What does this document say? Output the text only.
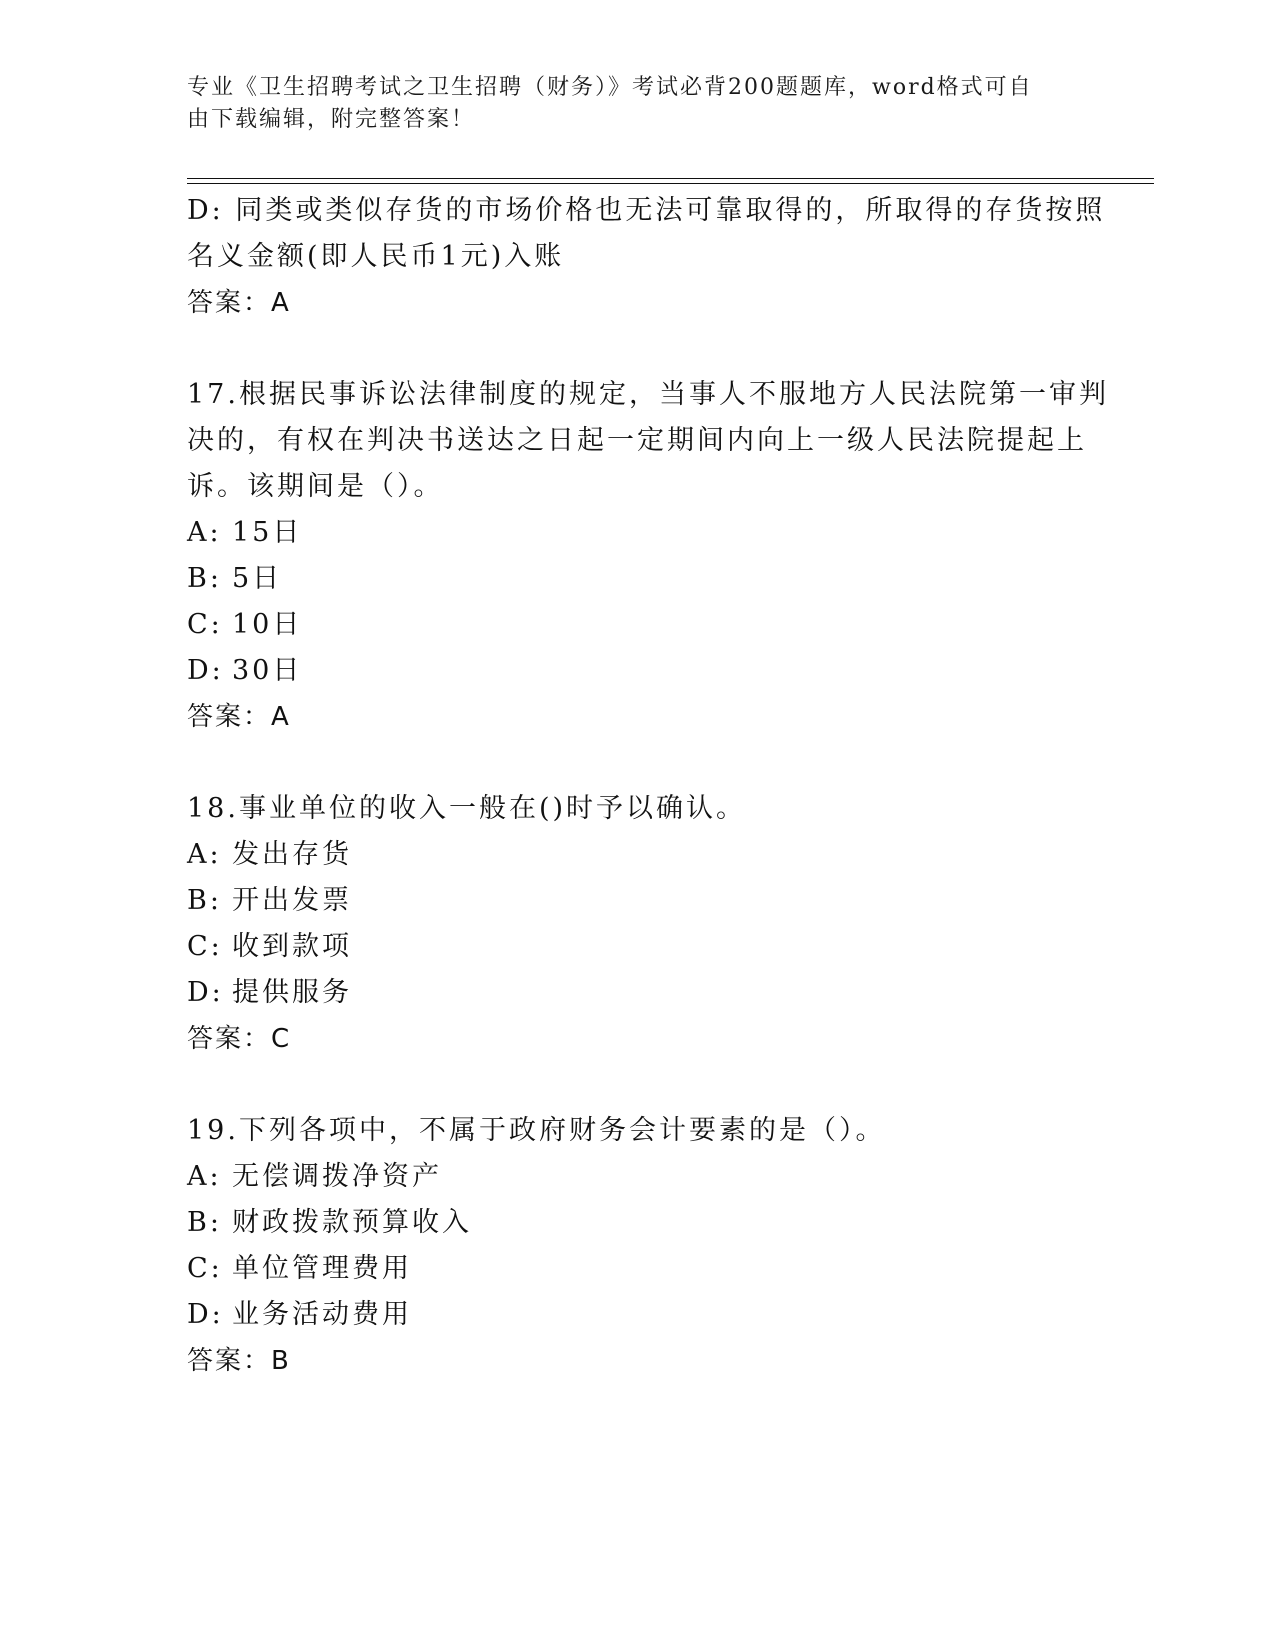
专业《卫生招聘考试之卫生招聘（财务）》考试必背200题题库，word格式可自
由下载编辑，附完整答案！
D: 同类或类似存货的市场价格也无法可靠取得的，所取得的存货按照
名义金额(即人民币1元)入账
答案：A
17.根据民事诉讼法律制度的规定，当事人不服地方人民法院第一审判
决的，有权在判决书送达之日起一定期间内向上一级人民法院提起上
诉。该期间是（）。
A: 15日
B: 5日
C: 10日
D: 30日
答案：A
18.事业单位的收入一般在()时予以确认。
A: 发出存货
B: 开出发票
C: 收到款项
D: 提供服务
答案：C
19.下列各项中，不属于政府财务会计要素的是（）。
A: 无偿调拨净资产
B: 财政拨款预算收入
C: 单位管理费用
D: 业务活动费用
答案：B
